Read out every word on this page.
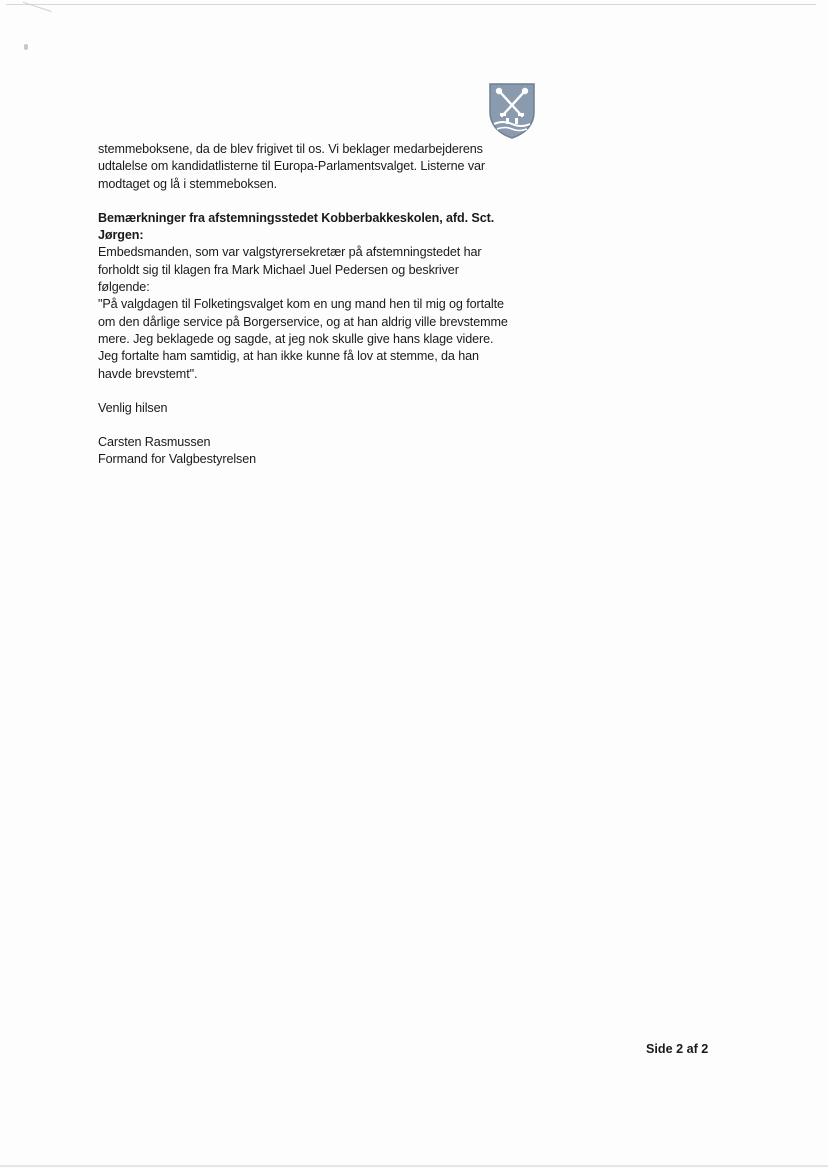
stemmeboksene, da de blev frigivet til os. Vi beklager medarbejderens
udtalelse om kandidatlisterne til Europa-Parlamentsvalget. Listerne var
modtaget og lå i stemmeboksen.

Bemærkninger fra afstemningsstedet Kobberbakkeskolen, afd. Sct.
Jørgen:

Embedsmanden, som var valgstyrersekretær på afstemningstedet har
forholdt sig til klagen fra Mark Michael Juel Pedersen og beskriver
følgende:

"På valgdagen til Folketingsvalget kom en ung mand hen til mig og fortalte
om den dårlige service på Borgerservice, og at han aldrig ville brevstemme
mere. Jeg beklagede og sagde, at jeg nok skulle give hans klage videre.
Jeg fortalte ham samtidig, at han ikke kunne få lov at stemme, da han
havde brevstemt".

Venlig hilsen

Carsten Rasmussen

Formand for Valgbestyrelsen

Side 2 af 2
